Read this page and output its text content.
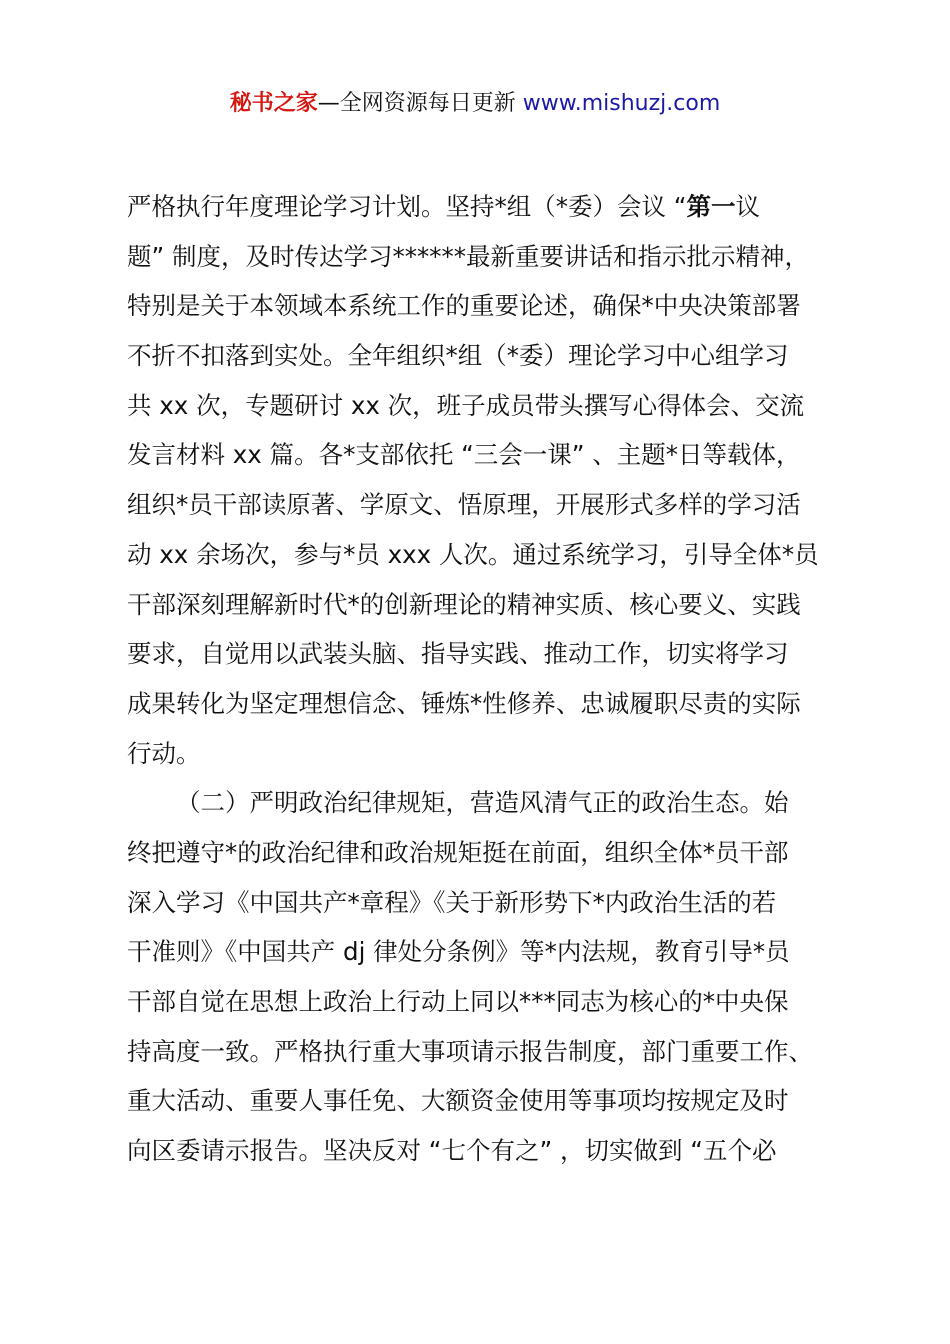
秘书之家—全网资源每日更新 www.mishuzj.com
严格执行年度理论学习计划。坚持*组（*委）会议 “第一议
题” 制度，及时传达学习******最新重要讲话和指示批示精神，
特别是关于本领域本系统工作的重要论述，确保*中央决策部署
不折不扣落到实处。全年组织*组（*委）理论学习中心组学习
共 xx 次，专题研讨 xx 次，班子成员带头撰写心得体会、交流
发言材料 xx 篇。各*支部依托 “三会一课” 、主题*日等载体，
组织*员干部读原著、学原文、悟原理，开展形式多样的学习活
动 xx 余场次，参与*员 xxx 人次。通过系统学习，引导全体*员
干部深刻理解新时代*的创新理论的精神实质、核心要义、实践
要求，自觉用以武装头脑、指导实践、推动工作，切实将学习
成果转化为坚定理想信念、锤炼*性修养、忠诚履职尽责的实际
行动。
（二）严明政治纪律规矩，营造风清气正的政治生态。始
终把遵守*的政治纪律和政治规矩挺在前面，组织全体*员干部
深入学习《中国共产*章程》《关于新形势下*内政治生活的若
干准则》《中国共产 dj 律处分条例》等*内法规，教育引导*员
干部自觉在思想上政治上行动上同以***同志为核心的*中央保
持高度一致。严格执行重大事项请示报告制度，部门重要工作、
重大活动、重要人事任免、大额资金使用等事项均按规定及时
向区委请示报告。坚决反对 “七个有之” ，切实做到 “五个必
